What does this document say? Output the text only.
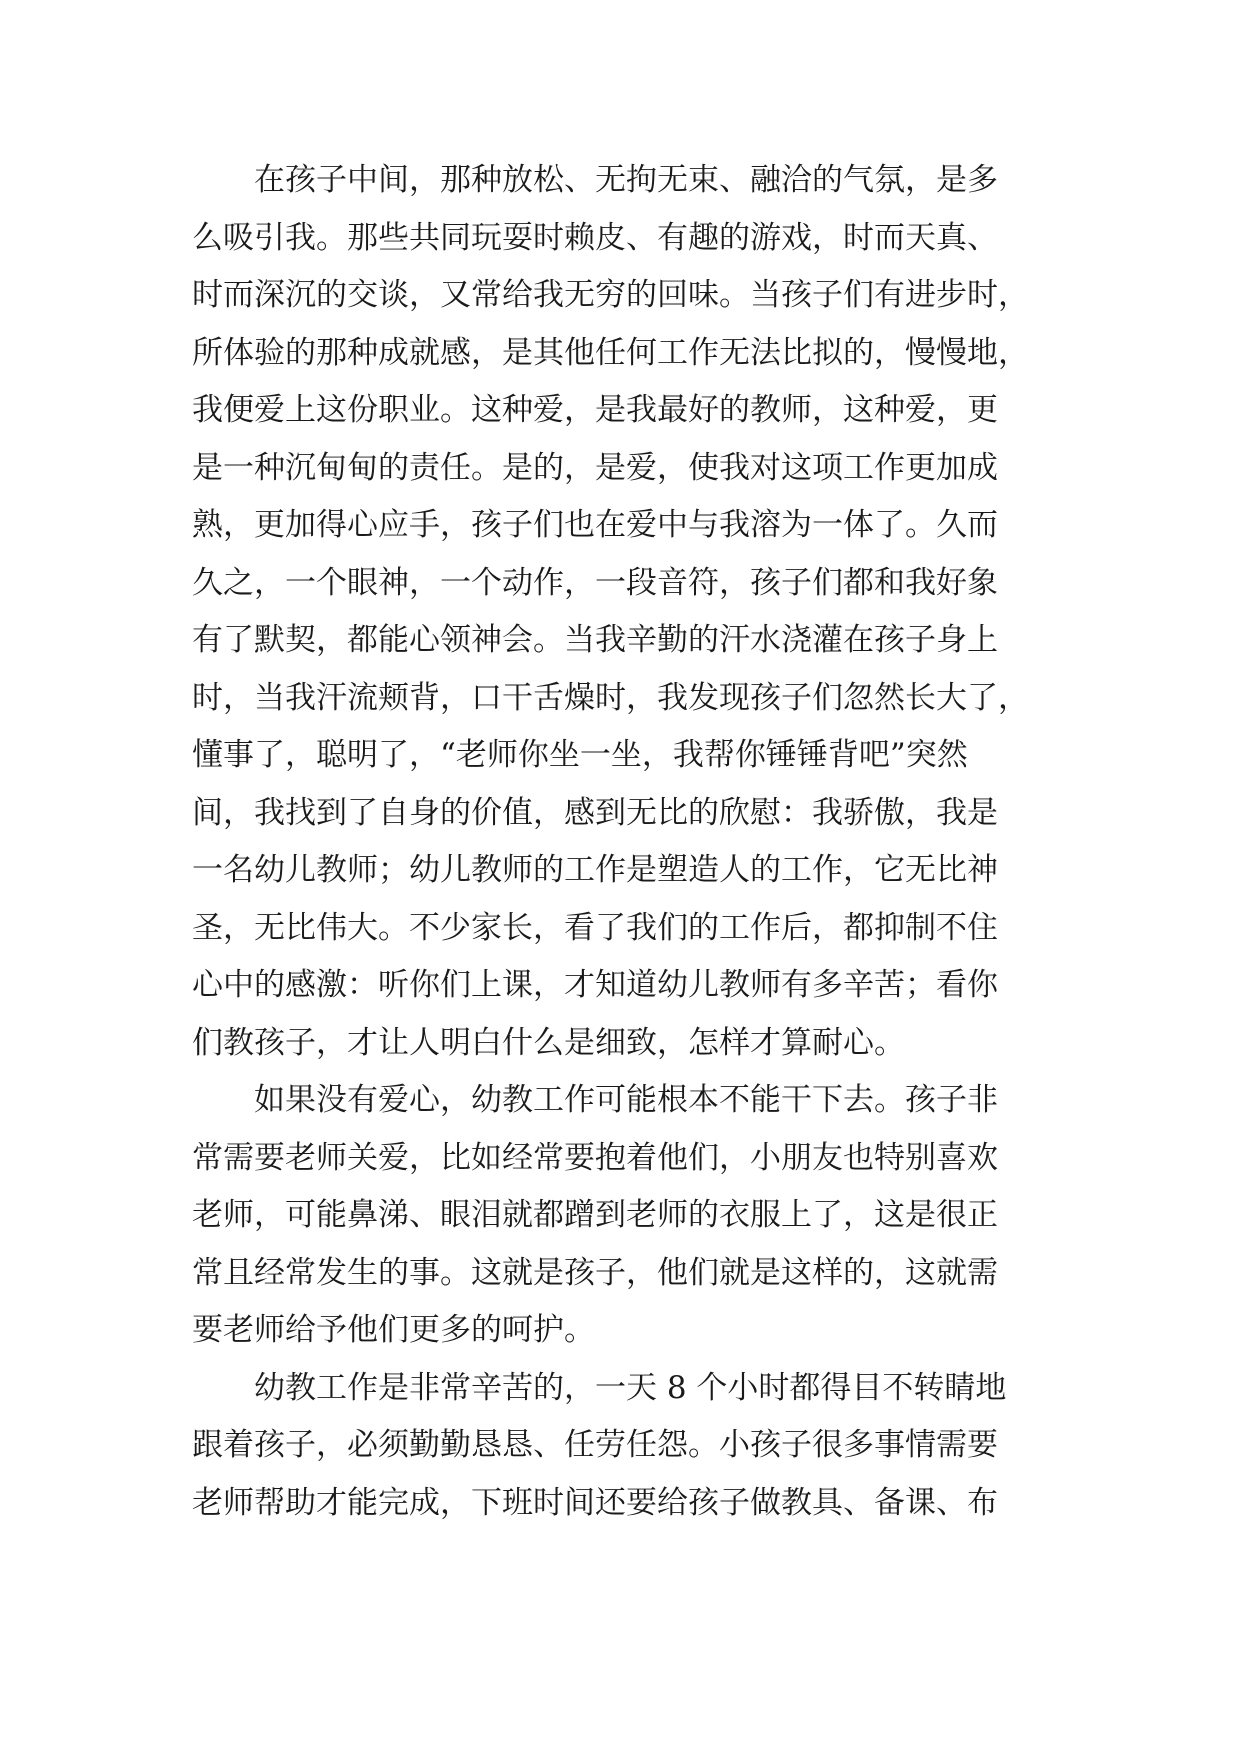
在孩子中间，那种放松、无拘无束、融洽的气氛，是多
么吸引我。那些共同玩耍时赖皮、有趣的游戏，时而天真、
时而深沉的交谈，又常给我无穷的回味。当孩子们有进步时，
所体验的那种成就感，是其他任何工作无法比拟的，慢慢地，
我便爱上这份职业。这种爱，是我最好的教师，这种爱，更
是一种沉甸甸的责任。是的，是爱，使我对这项工作更加成
熟，更加得心应手，孩子们也在爱中与我溶为一体了。久而
久之，一个眼神，一个动作，一段音符，孩子们都和我好象
有了默契，都能心领神会。当我辛勤的汗水浇灌在孩子身上
时，当我汗流颊背，口干舌燥时，我发现孩子们忽然长大了，
懂事了，聪明了，“老师你坐一坐，我帮你锤锤背吧”突然
间，我找到了自身的价值，感到无比的欣慰：我骄傲，我是
一名幼儿教师；幼儿教师的工作是塑造人的工作，它无比神
圣，无比伟大。不少家长，看了我们的工作后，都抑制不住
心中的感激：听你们上课，才知道幼儿教师有多辛苦；看你
们教孩子，才让人明白什么是细致，怎样才算耐心。
如果没有爱心，幼教工作可能根本不能干下去。孩子非
常需要老师关爱，比如经常要抱着他们，小朋友也特别喜欢
老师，可能鼻涕、眼泪就都蹭到老师的衣服上了，这是很正
常且经常发生的事。这就是孩子，他们就是这样的，这就需
要老师给予他们更多的呵护。
幼教工作是非常辛苦的，一天 8 个小时都得目不转睛地
跟着孩子，必须勤勤恳恳、任劳任怨。小孩子很多事情需要
老师帮助才能完成，下班时间还要给孩子做教具、备课、布
